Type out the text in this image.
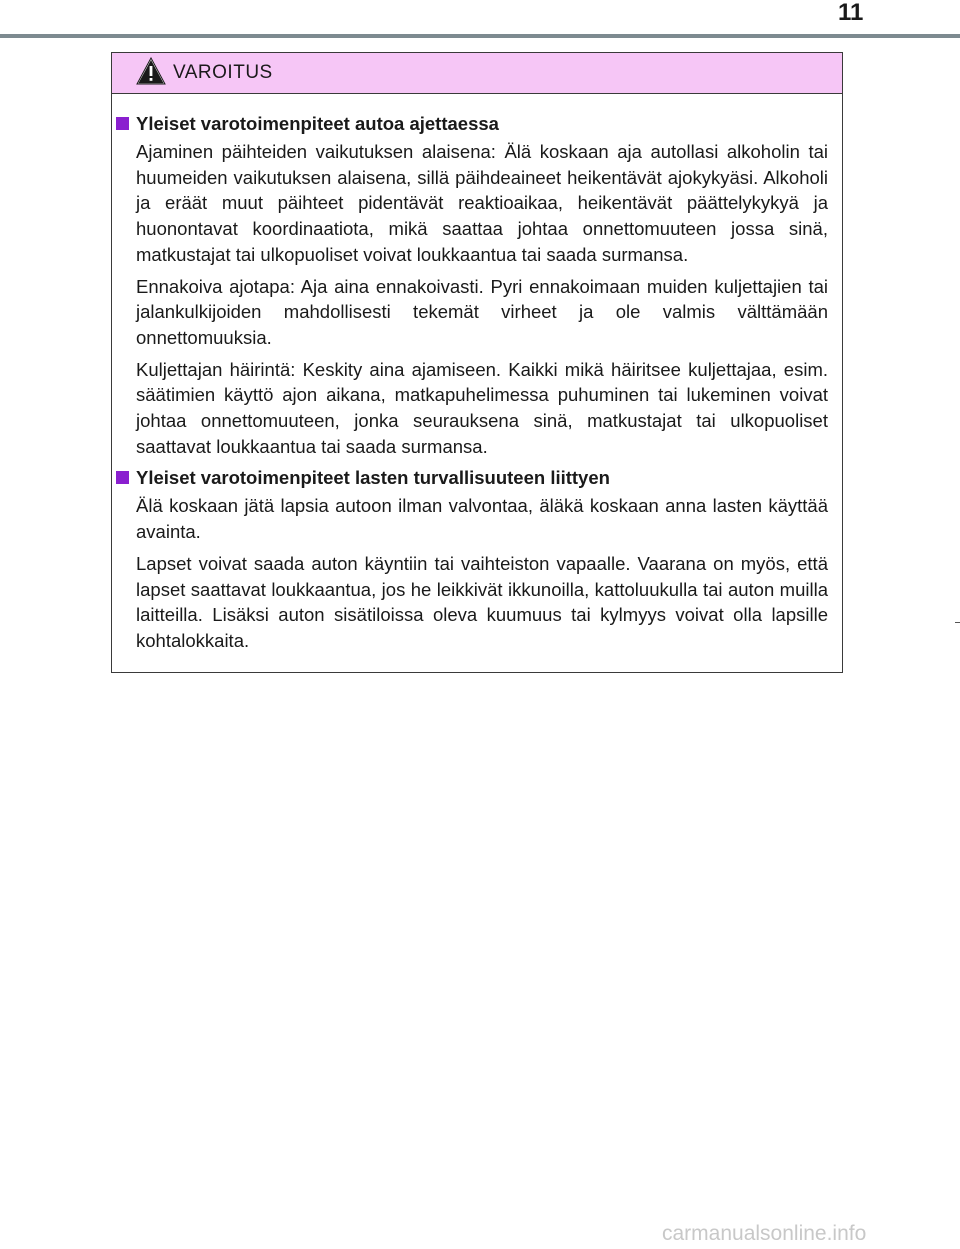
11
VAROITUS
Yleiset varotoimenpiteet autoa ajettaessa

Ajaminen päihteiden vaikutuksen alaisena: Älä koskaan aja autollasi alkoholin tai huumeiden vaikutuksen alaisena, sillä päihdeaineet heikentävät ajokykyäsi. Alkoholi ja eräät muut päihteet pidentävät reaktioaikaa, heikentävät päättelykykyä ja huonontavat koordinaatiota, mikä saattaa johtaa onnettomuuteen jossa sinä, matkustajat tai ulkopuoliset voivat loukkaantua tai saada surmansa.

Ennakoiva ajotapa: Aja aina ennakoivasti. Pyri ennakoimaan muiden kuljettajien tai jalankulkijoiden mahdollisesti tekemät virheet ja ole valmis välttämään onnettomuuksia.

Kuljettajan häirintä: Keskity aina ajamiseen. Kaikki mikä häiritsee kuljettajaa, esim. säätimien käyttö ajon aikana, matkapuhelimessa puhuminen tai lukeminen voivat johtaa onnettomuuteen, jonka seurauksena sinä, matkustajat tai ulkopuoliset saattavat loukkaantua tai saada surmansa.

Yleiset varotoimenpiteet lasten turvallisuuteen liittyen

Älä koskaan jätä lapsia autoon ilman valvontaa, äläkä koskaan anna lasten käyttää avainta.

Lapset voivat saada auton käyntiin tai vaihteiston vapaalle. Vaarana on myös, että lapset saattavat loukkaantua, jos he leikkivät ikkunoilla, kattoluukulla tai auton muilla laitteilla. Lisäksi auton sisätiloissa oleva kuumuus tai kylmyys voivat olla lapsille kohtalokkaita.

carmanualsonline.info
